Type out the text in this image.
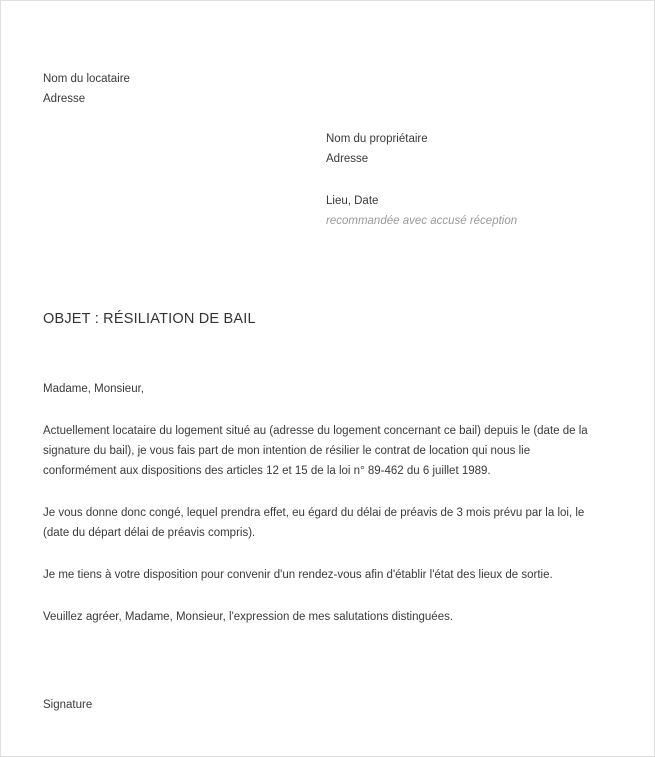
Nom du locataire
Adresse
Nom du propriétaire
Adresse
Lieu, Date
recommandée avec accusé réception
OBJET : RÉSILIATION DE BAIL

Madame, Monsieur,

Actuellement locataire du logement situé au (adresse du logement concernant ce bail) depuis le (date de la signature du bail), je vous fais part de mon intention de résilier le contrat de location qui nous lie conformément aux dispositions des articles 12 et 15 de la loi n° 89-462 du 6 juillet 1989.

Je vous donne donc congé, lequel prendra effet, eu égard du délai de préavis de 3 mois prévu par la loi, le (date du départ délai de préavis compris).

Je me tiens à votre disposition pour convenir d'un rendez-vous afin d'établir l'état des lieux de sortie.

Veuillez agréer, Madame, Monsieur, l'expression de mes salutations distinguées.

Signature
